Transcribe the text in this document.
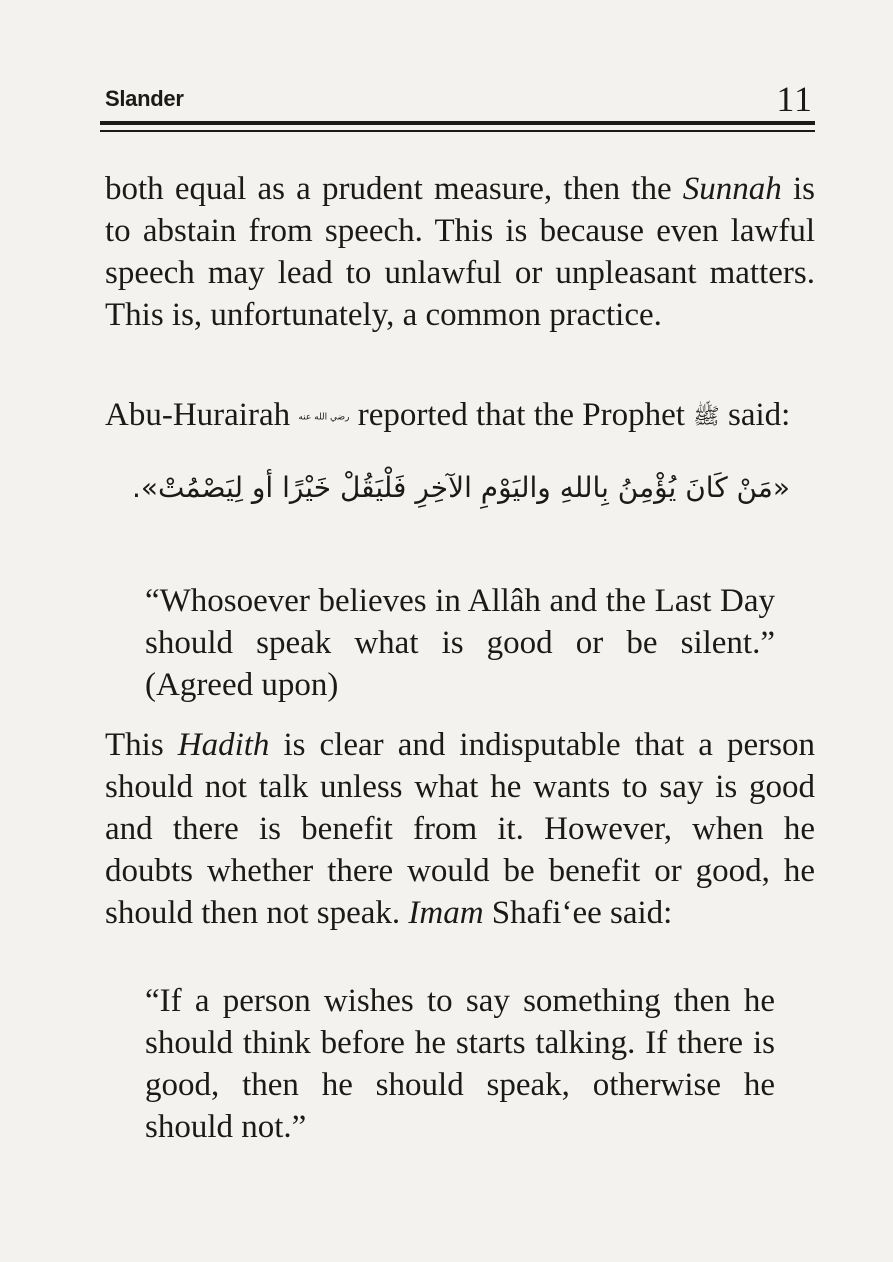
Slander	11

both equal as a prudent measure, then the Sunnah is to abstain from speech. This is because even lawful speech may lead to unlawful or unpleasant matters. This is, unfortunately, a common practice.

Abu-Hurairah رضي الله عنه reported that the Prophet ﷺ said:

«مَنْ كَانَ يُؤْمِنُ بِاللهِ واليَوْمِ الآخِرِ فَلْيَقُلْ خَيْرًا أو لِيَصْمُتْ».
“Whosoever believes in Allâh and the Last Day should speak what is good or be silent.” (Agreed upon)

This Hadith is clear and indisputable that a person should not talk unless what he wants to say is good and there is benefit from it. However, when he doubts whether there would be benefit or good, he should then not speak. Imam Shafi‘ee said:

“If a person wishes to say something then he should think before he starts talking. If there is good, then he should speak, otherwise he should not.”
